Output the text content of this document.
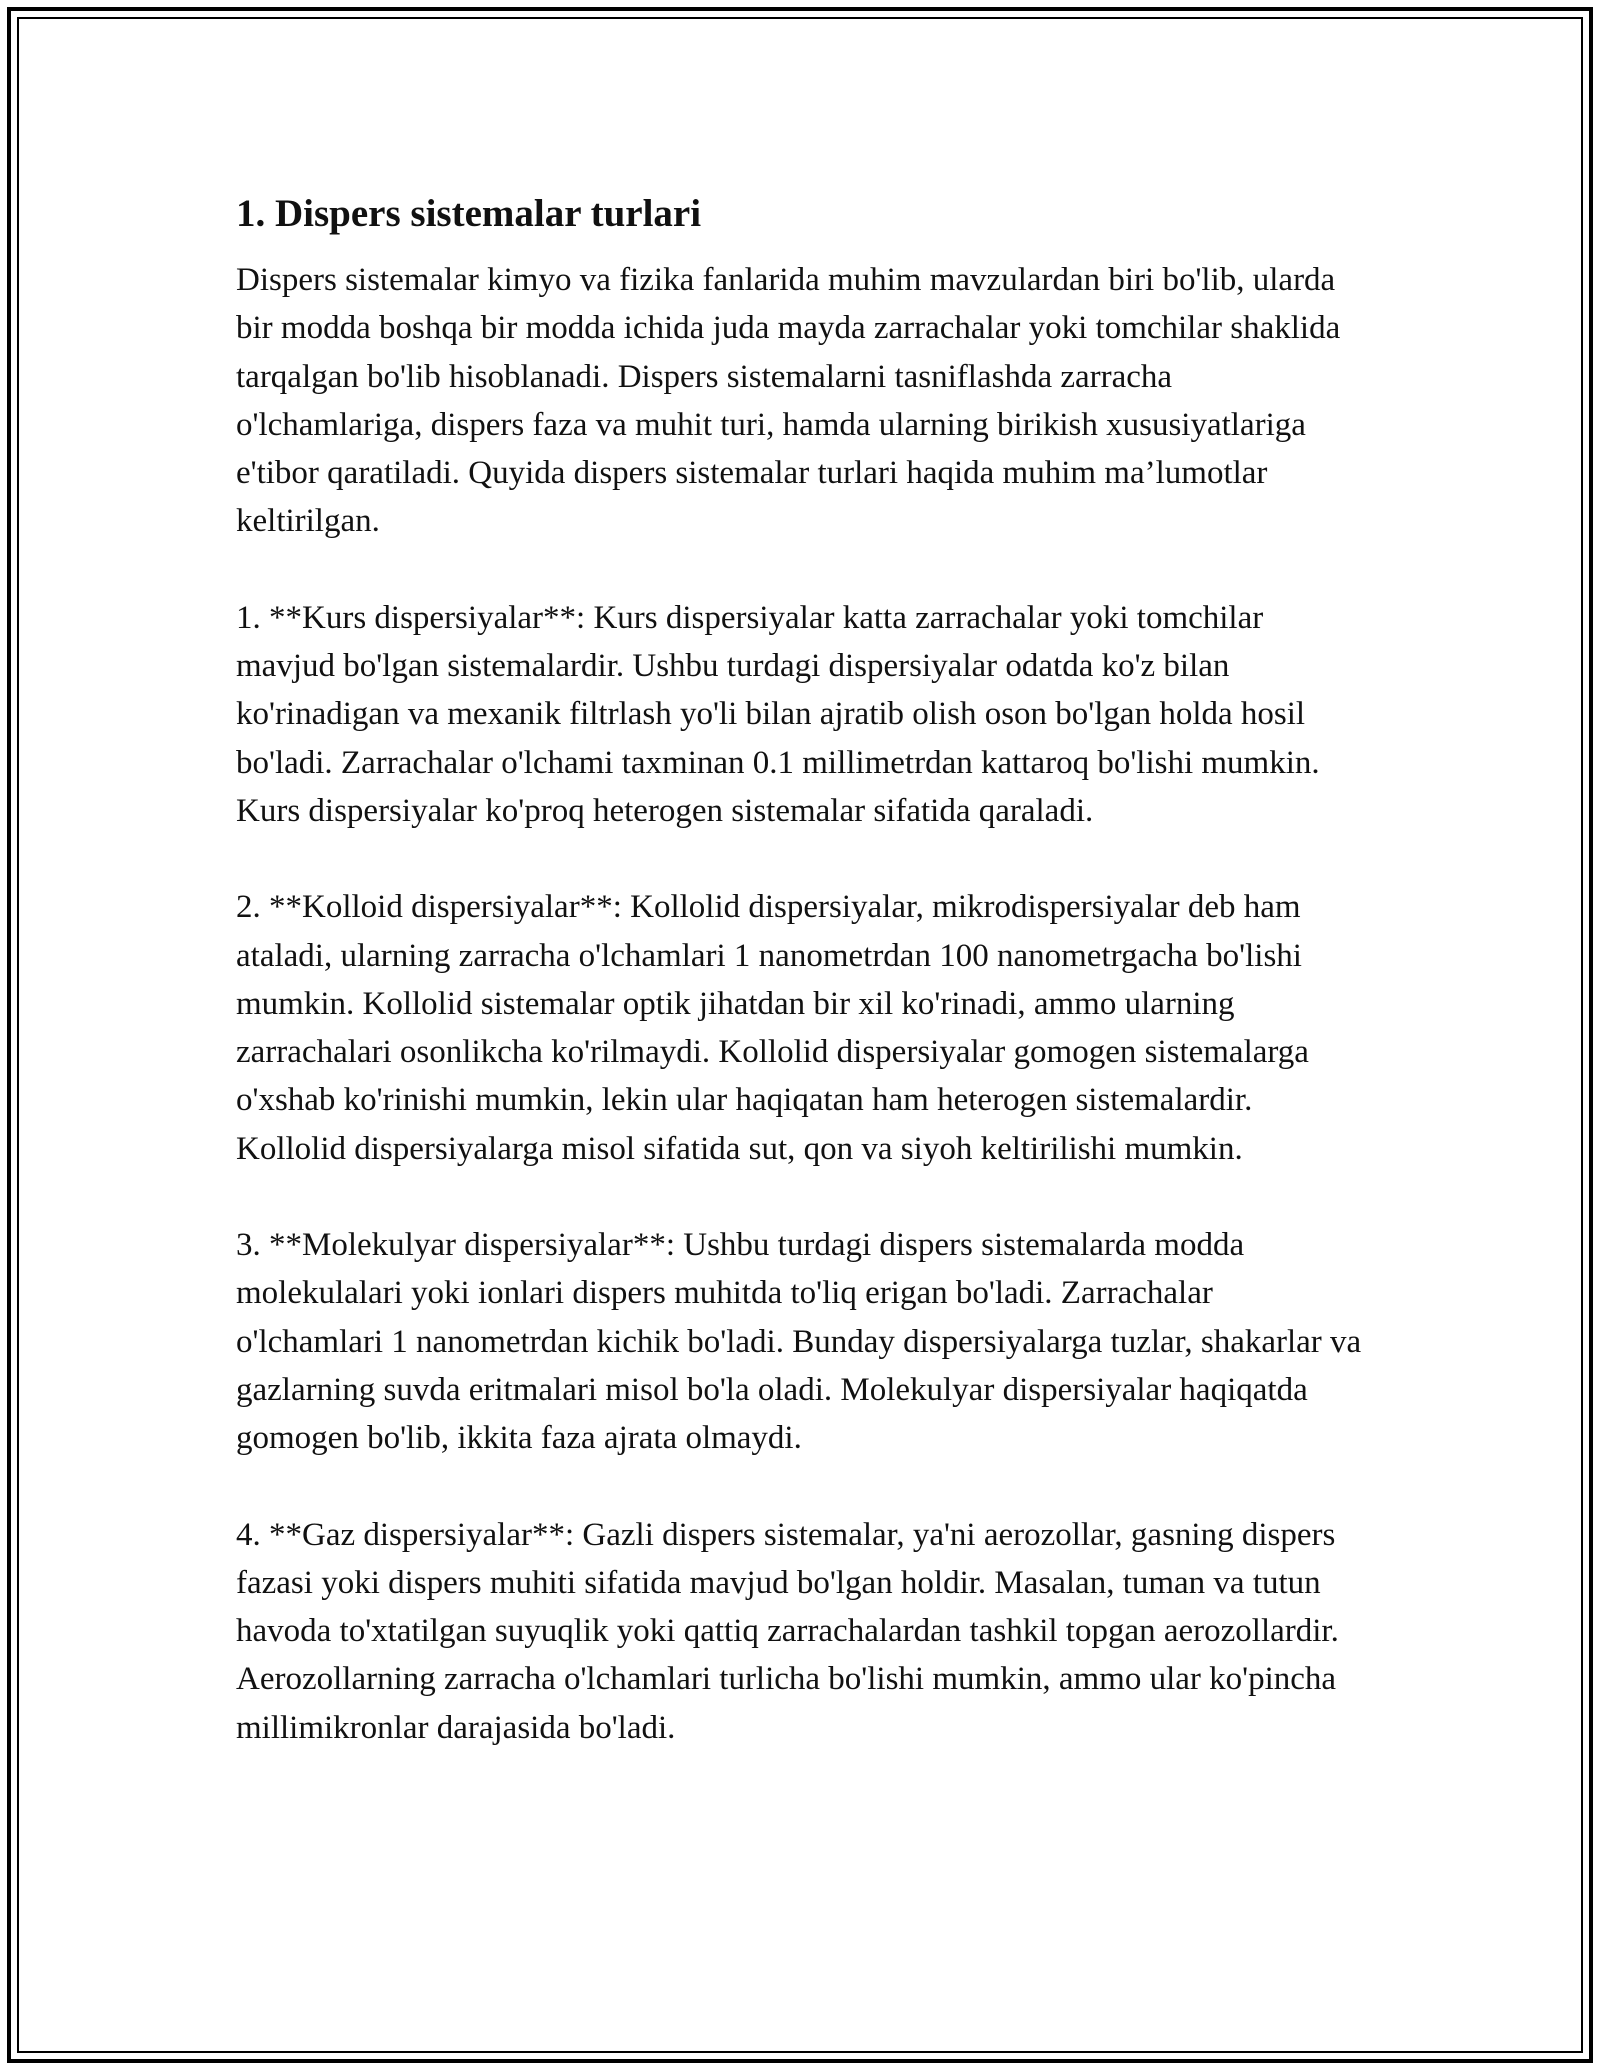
1. Dispers sistemalar turlari

Dispers sistemalar kimyo va fizika fanlarida muhim mavzulardan biri bo'lib, ularda bir modda boshqa bir modda ichida juda mayda zarrachalar yoki tomchilar shaklida tarqalgan bo'lib hisoblanadi. Dispers sistemalarni tasniflashda zarracha o'lchamlariga, dispers faza va muhit turi, hamda ularning birikish xususiyatlariga e'tibor qaratiladi. Quyida dispers sistemalar turlari haqida muhim ma’lumotlar keltirilgan.

1. **Kurs dispersiyalar**: Kurs dispersiyalar katta zarrachalar yoki tomchilar mavjud bo'lgan sistemalardir. Ushbu turdagi dispersiyalar odatda ko'z bilan ko'rinadigan va mexanik filtrlash yo'li bilan ajratib olish oson bo'lgan holda hosil bo'ladi. Zarrachalar o'lchami taxminan 0.1 millimetrdan kattaroq bo'lishi mumkin. Kurs dispersiyalar ko'proq heterogen sistemalar sifatida qaraladi.

2. **Kolloid dispersiyalar**: Kollolid dispersiyalar, mikrodispersiyalar deb ham ataladi, ularning zarracha o'lchamlari 1 nanometrdan 100 nanometrgacha bo'lishi mumkin. Kollolid sistemalar optik jihatdan bir xil ko'rinadi, ammo ularning zarrachalari osonlikcha ko'rilmaydi. Kollolid dispersiyalar gomogen sistemalarga o'xshab ko'rinishi mumkin, lekin ular haqiqatan ham heterogen sistemalardir. Kollolid dispersiyalarga misol sifatida sut, qon va siyoh keltirilishi mumkin.

3. **Molekulyar dispersiyalar**: Ushbu turdagi dispers sistemalarda modda molekulalari yoki ionlari dispers muhitda to'liq erigan bo'ladi. Zarrachalar o'lchamlari 1 nanometrdan kichik bo'ladi. Bunday dispersiyalarga tuzlar, shakarlar va gazlarning suvda eritmalari misol bo'la oladi. Molekulyar dispersiyalar haqiqatda gomogen bo'lib, ikkita faza ajrata olmaydi.

4. **Gaz dispersiyalar**: Gazli dispers sistemalar, ya'ni aerozollar, gasning dispers fazasi yoki dispers muhiti sifatida mavjud bo'lgan holdir. Masalan, tuman va tutun havoda to'xtatilgan suyuqlik yoki qattiq zarrachalardan tashkil topgan aerozollardir. Aerozollarning zarracha o'lchamlari turlicha bo'lishi mumkin, ammo ular ko'pincha millimikronlar darajasida bo'ladi.
